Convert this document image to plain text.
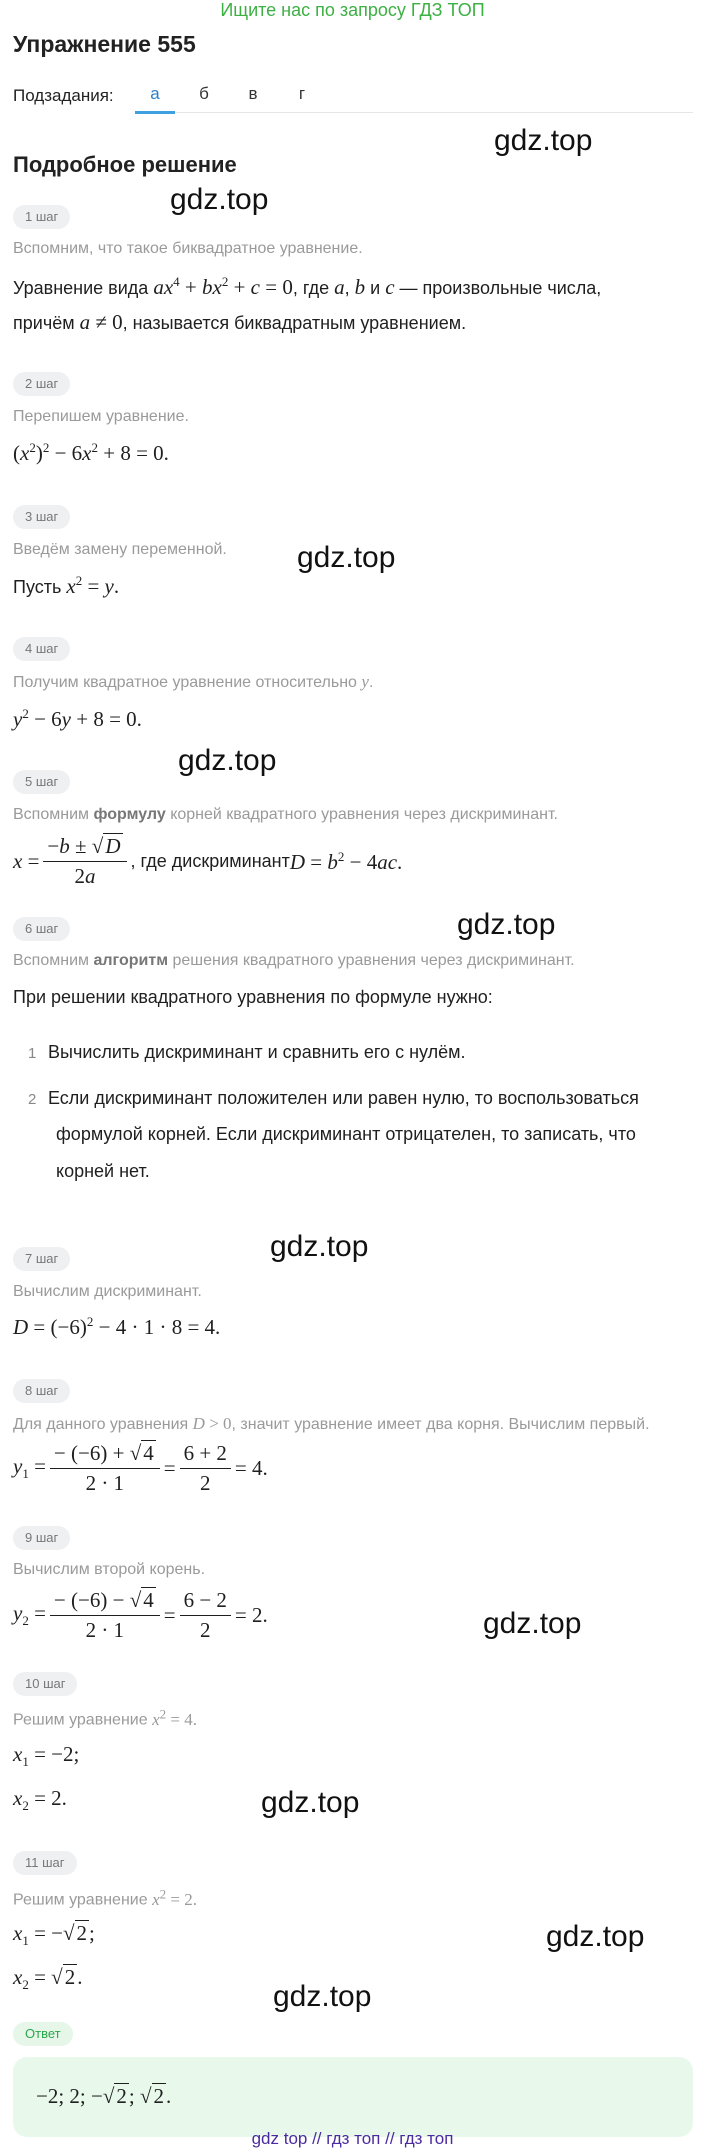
Ищите нас по запросу ГДЗ ТОП
Упражнение 555
Подзадания:	а	б	в	г
Подробное решение
gdz.top
gdz.top
gdz.top
gdz.top
gdz.top
gdz.top
gdz.top
gdz.top
gdz.top
gdz.top
1 шаг
Вспомним, что такое биквадратное уравнение.
Уравнение вида $ax^4 + bx^2 + c = 0$, где a, b и c — произвольные числа,
причём a ≠ 0, называется биквадратным уравнением.
2 шаг
Перепишем уравнение.
$(x^2)^2 - 6x^2 + 8 = 0$.
3 шаг
Введём замену переменной.
Пусть $x^2 = y$.
4 шаг
Получим квадратное уравнение относительно y.
$y^2 - 6y + 8 = 0$.
5 шаг
Вспомним формулу корней квадратного уравнения через дискриминант.
$x = \frac{-b \pm √D}{2a}$ , где дискриминант $D = b^2 - 4ac$.
6 шаг
Вспомним алгоритм решения квадратного уравнения через дискриминант.
При решении квадратного уравнения по формуле нужно:
1 Вычислить дискриминант и сравнить его с нулём.
2 Если дискриминант положителен или равен нулю, то воспользоваться
формулой корней. Если дискриминант отрицателен, то записать, что
корней нет.
7 шаг
Вычислим дискриминант.
$D = (-6)^2 - 4 \cdot 1 \cdot 8 = 4$.
8 шаг
Для данного уравнения D > 0, значит уравнение имеет два корня. Вычислим первый.
$y_1 = \frac{- (-6) + √4}{2 \cdot 1} = \frac{6 + 2}{2} = 4$.
9 шаг
Вычислим второй корень.
$y_2 = \frac{- (-6) - √4}{2 \cdot 1} = \frac{6 - 2}{2} = 2$.
10 шаг
Решим уравнение $x^2 = 4$.
$x_1 = -2$;
$x_2 = 2$.
11 шаг
Решим уравнение $x^2 = 2$.
$x_1 = -√2$;
$x_2 = √2$.
Ответ
−2; 2; −√2; √2.
gdz top // гдз топ // гдз топ
